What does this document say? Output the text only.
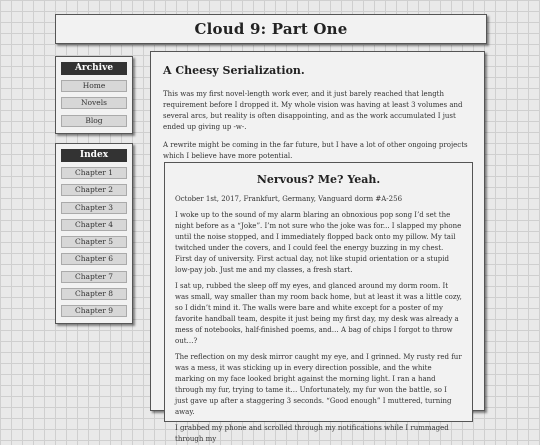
Cloud 9: Part One
Archive
Home
Novels
Blog
Index
Chapter 1
Chapter 2
Chapter 3
Chapter 4
Chapter 5
Chapter 6
Chapter 7
Chapter 8
Chapter 9
A Cheesy Serialization.

This was my first novel-length work ever, and it just barely reached that length requirement before I dropped it. My whole vision was having at least 3 volumes and several arcs, but reality is often disappointing, and as the work accumulated I just ended up giving up -w-.

A rewrite might be coming in the far future, but I have a lot of other ongoing projects which I believe have more potential.

Nervous? Me? Yeah.

October 1st, 2017, Frankfurt, Germany, Vanguard dorm #A-256

I woke up to the sound of my alarm blaring an obnoxious pop song I’d set the night before as a “Joke”. I’m not sure who the joke was for... I slapped my phone until the noise stopped, and I immediately flopped back onto my pillow. My tail twitched under the covers, and I could feel the energy buzzing in my chest. First day of university. First actual day, not like stupid orientation or a stupid low-pay job. Just me and my classes, a fresh start.

I sat up, rubbed the sleep off my eyes, and glanced around my dorm room. It was small, way smaller than my room back home, but at least it was a little cozy, so I didn’t mind it. The walls were bare and white except for a poster of my favorite handball team, despite it just being my first day, my desk was already a mess of notebooks, half-finished poems, and… A bag of chips I forgot to throw out…?

The reflection on my desk mirror caught my eye, and I grinned. My rusty red fur was a mess, it was sticking up in every direction possible, and the white marking on my face looked bright against the morning light. I ran a hand through my fur, trying to tame it… Unfortunately, my fur won the battle, so I just gave up after a staggering 3 seconds. “Good enough” I muttered, turning away.

I grabbed my phone and scrolled through my notifications while I rummaged through my
